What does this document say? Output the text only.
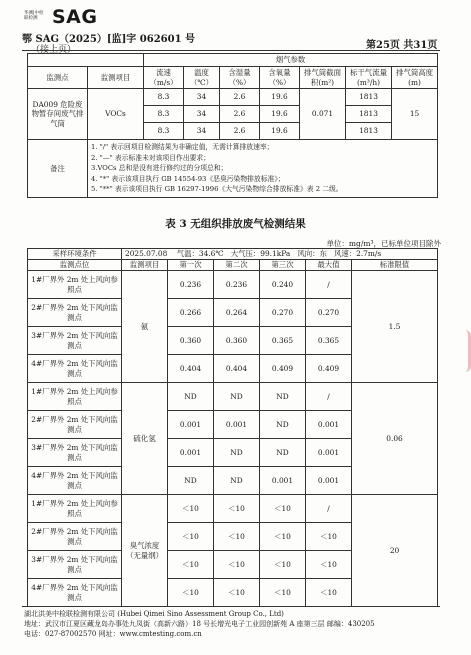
华测|中检联检测 SAG
鄂 SAG（2025）[监]字 062601 号
（接上页）	第25页 共31页
		烟气参数						
监测点	监测项目	流速（m/s）	温度（℃）	含湿量（%）	含氧量（%）	排气筒截面积(m²)	标干气流量(m³/h)	排气筒高度(m)
DA009 危险废物暂存间废气排气筒	VOCs	8.3	34	2.6	19.6	0.071	1813	15
		8.3	34	2.6	19.6		1813	
		8.3	34	2.6	19.6		1813	
备注	1. "/" 表示回项目检测结果为非确定值，无需计算排放速率；
2. "—" 表示标准未对该项目作出要求；
3.VOCs 总和是没有进行修约过的分项总和；
4. "*" 表示该项目执行 GB 14554-93《恶臭污染物排放标准》；
5. "**" 表示该项目执行 GB 16297-1996《大气污染物综合排放标准》表 2 二级。							
表 3 无组织排放废气检测结果
单位：mg/m³，已标单位项目除外
采样环境条件	2025.07.08 气温：34.6℃ 大气压：99.1kPa 风向：东 风速：2.7m/s					
监测点位	监测项目	第一次	第二次	第三次	最大值	标准限值
1#厂界外 2m 处上风向参照点	氨	0.236	0.236	0.240	/	1.5
2#厂界外 2m 处下风向监测点		0.266	0.264	0.270	0.270	
3#厂界外 2m 处下风向监测点		0.360	0.360	0.365	0.365	
4#厂界外 2m 处下风向监测点		0.404	0.404	0.409	0.409	
1#厂界外 2m 处上风向参照点	硫化氢	ND	ND	ND	/	0.06
2#厂界外 2m 处下风向监测点		0.001	0.001	ND	0.001	
3#厂界外 2m 处下风向监测点		0.001	ND	ND	0.001	
4#厂界外 2m 处下风向监测点		ND	ND	0.001	0.001	
1#厂界外 2m 处上风向参照点	臭气浓度（无量纲）	＜10	＜10	＜10	/	20
2#厂界外 2m 处下风向监测点		＜10	＜10	＜10	＜10	
3#厂界外 2m 处下风向监测点		＜10	＜10	＜10	＜10	
4#厂界外 2m 处下风向监测点		＜10	＜10	＜10	＜10	
湖北洪美中检联检测有限公司 (Hubei Qimei Sino Assessment Group Co., Ltd)
地址：武汉市江夏区藏龙岛办事处九凤街（高新六路）18 号长增光电子工业园创新苑 A 座第三层 邮编：430205
电话：027-87002570 网址：www.cmtesting.com.cn
